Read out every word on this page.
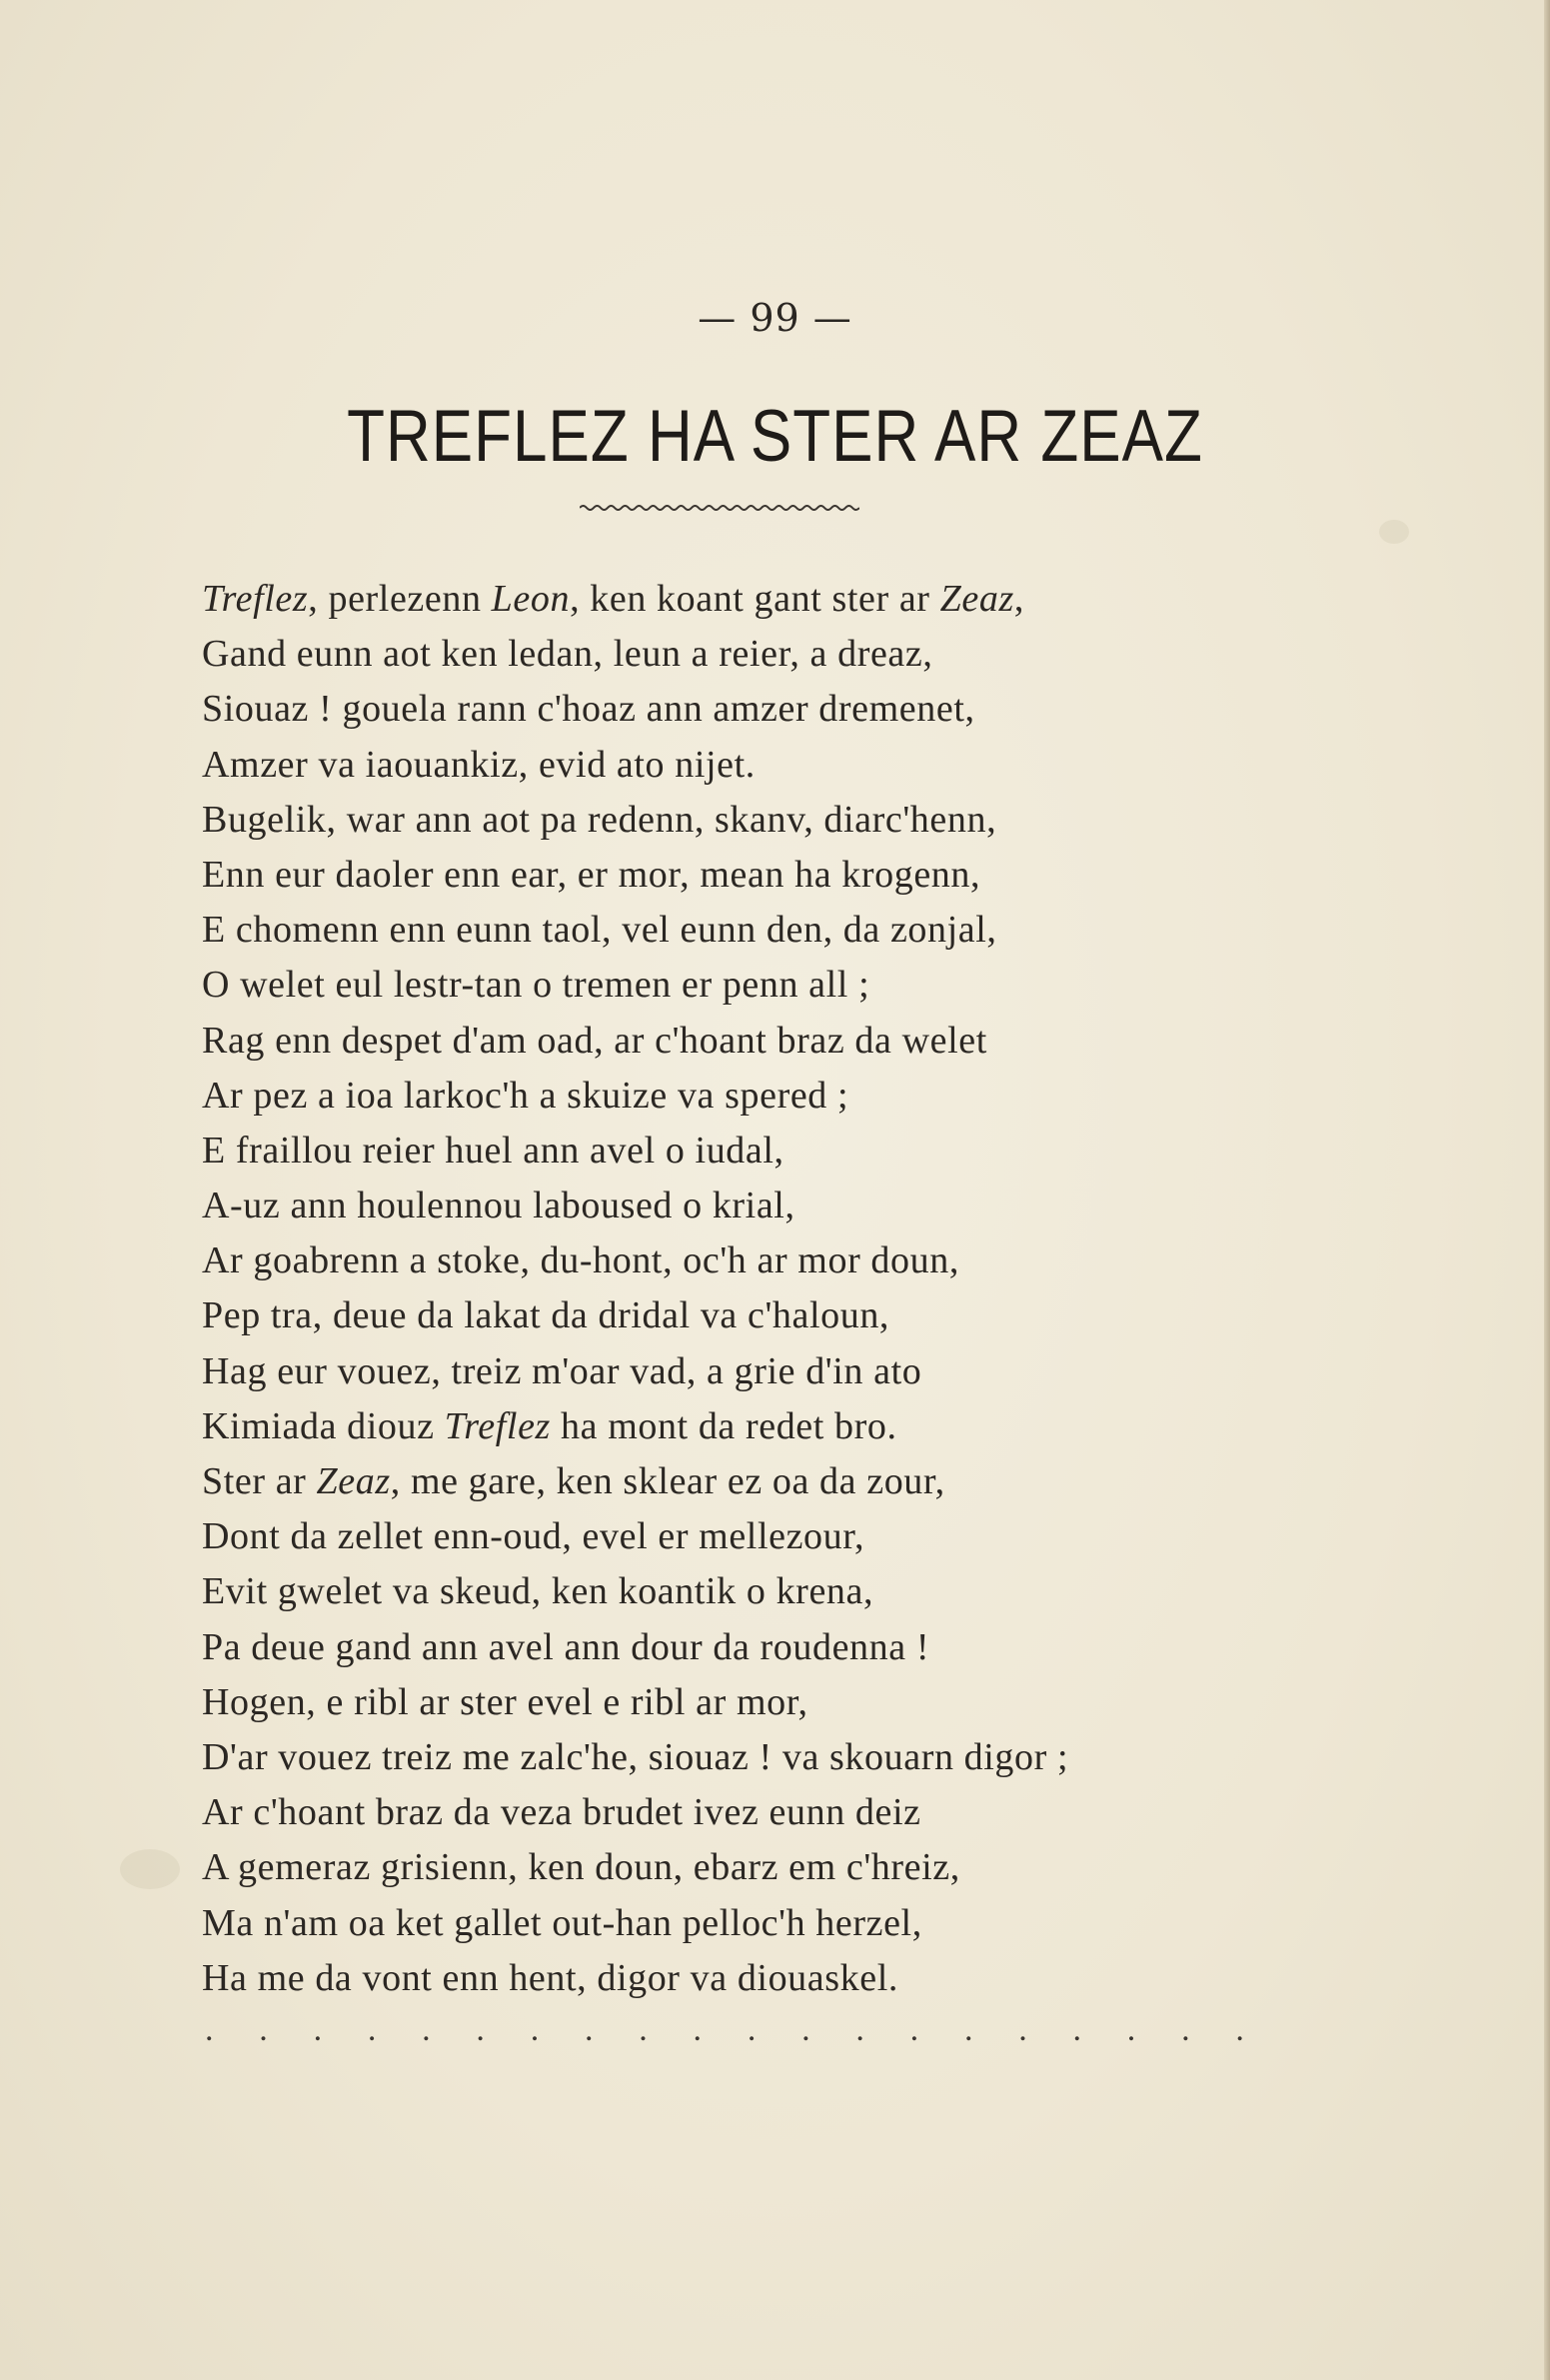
— 99 —
TREFLEZ HA STER AR ZEAZ
Treflez, perlezenn Leon, ken koant gant ster ar Zeaz,
Gand eunn aot ken ledan, leun a reier, a dreaz,
Siouaz ! gouela rann c'hoaz ann amzer dremenet,
Amzer va iaouankiz, evid ato nijet.
Bugelik, war ann aot pa redenn, skanv, diarc'henn,
Enn eur daoler enn ear, er mor, mean ha krogenn,
E chomenn enn eunn taol, vel eunn den, da zonjal,
O welet eul lestr-tan o tremen er penn all ;
Rag enn despet d'am oad, ar c'hoant braz da welet
Ar pez a ioa larkoc'h a skuize va spered ;
E fraillou reier huel ann avel o iudal,
A-uz ann houlennou laboused o krial,
Ar goabrenn a stoke, du-hont, oc'h ar mor doun,
Pep tra, deue da lakat da dridal va c'haloun,
Hag eur vouez, treiz m'oar vad, a grie d'in ato
Kimiada diouz Treflez ha mont da redet bro.
Ster ar Zeaz, me gare, ken sklear ez oa da zour,
Dont da zellet enn-oud, evel er mellezour,
Evit gwelet va skeud, ken koantik o krena,
Pa deue gand ann avel ann dour da roudenna !
Hogen, e ribl ar ster evel e ribl ar mor,
D'ar vouez treiz me zalc'he, siouaz ! va skouarn digor ;
Ar c'hoant braz da veza brudet ivez eunn deiz
A gemeraz grisienn, ken doun, ebarz em c'hreiz,
Ma n'am oa ket gallet out-han pelloc'h herzel,
Ha me da vont enn hent, digor va diouaskel.
. . . . . . . . . . . . . . . . . . . .
